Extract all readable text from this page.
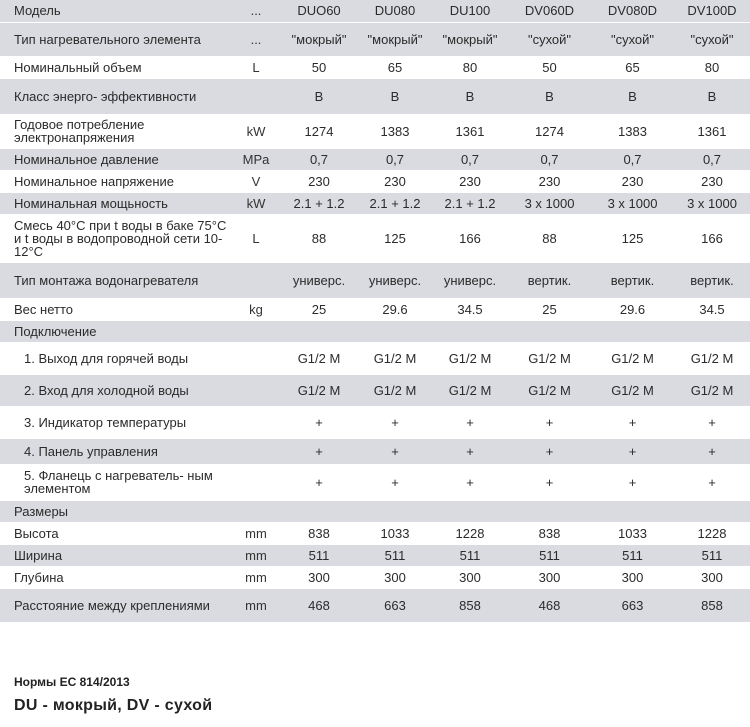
Модель	...	DUO60	DU080	DU100	DV060D	DV080D	DV100D
Тип нагревательного элемента	...	"мокрый"	"мокрый"	"мокрый"	"сухой"	"сухой"	"сухой"
Номинальный объем	L	50	65	80	50	65	80
Класс энерго- эффективности		B	B	B	B	B	B
Годовое потребление электронапряжения	kW	1274	1383	1361	1274	1383	1361
Номинальное давление	MPa	0,7	0,7	0,7	0,7	0,7	0,7
Номинальное напряжение	V	230	230	230	230	230	230
Номинальная мощьность	kW	2.1 + 1.2	2.1 + 1.2	2.1 + 1.2	3 x 1000	3 x 1000	3 x 1000
Смесь 40°С при t воды в баке 75°С и t воды в водопроводной сети 10-12°С	L	88	125	166	88	125	166
Тип монтажа водонагревателя		универс.	универс.	универс.	вертик.	вертик.	вертик.
Вес нетто	kg	25	29.6	34.5	25	29.6	34.5
Подключение							
1. Выход для горячей воды		G1/2 M	G1/2 M	G1/2 M	G1/2 M	G1/2 M	G1/2 M
2. Вход для холодной воды		G1/2 M	G1/2 M	G1/2 M	G1/2 M	G1/2 M	G1/2 M
3. Индикатор температуры		+	+	+	+	+	+
4. Панель управления		+	+	+	+	+	+
5. Фланець с нагреватель- ным элементом		+	+	+	+	+	+
Размеры							
Высота	mm	838	1033	1228	838	1033	1228
Ширина	mm	511	511	511	511	511	511
Глубина	mm	300	300	300	300	300	300
Расстояние между креплениями	mm	468	663	858	468	663	858
Нормы ЕС 814/2013
DU - мокрый, DV - сухой
